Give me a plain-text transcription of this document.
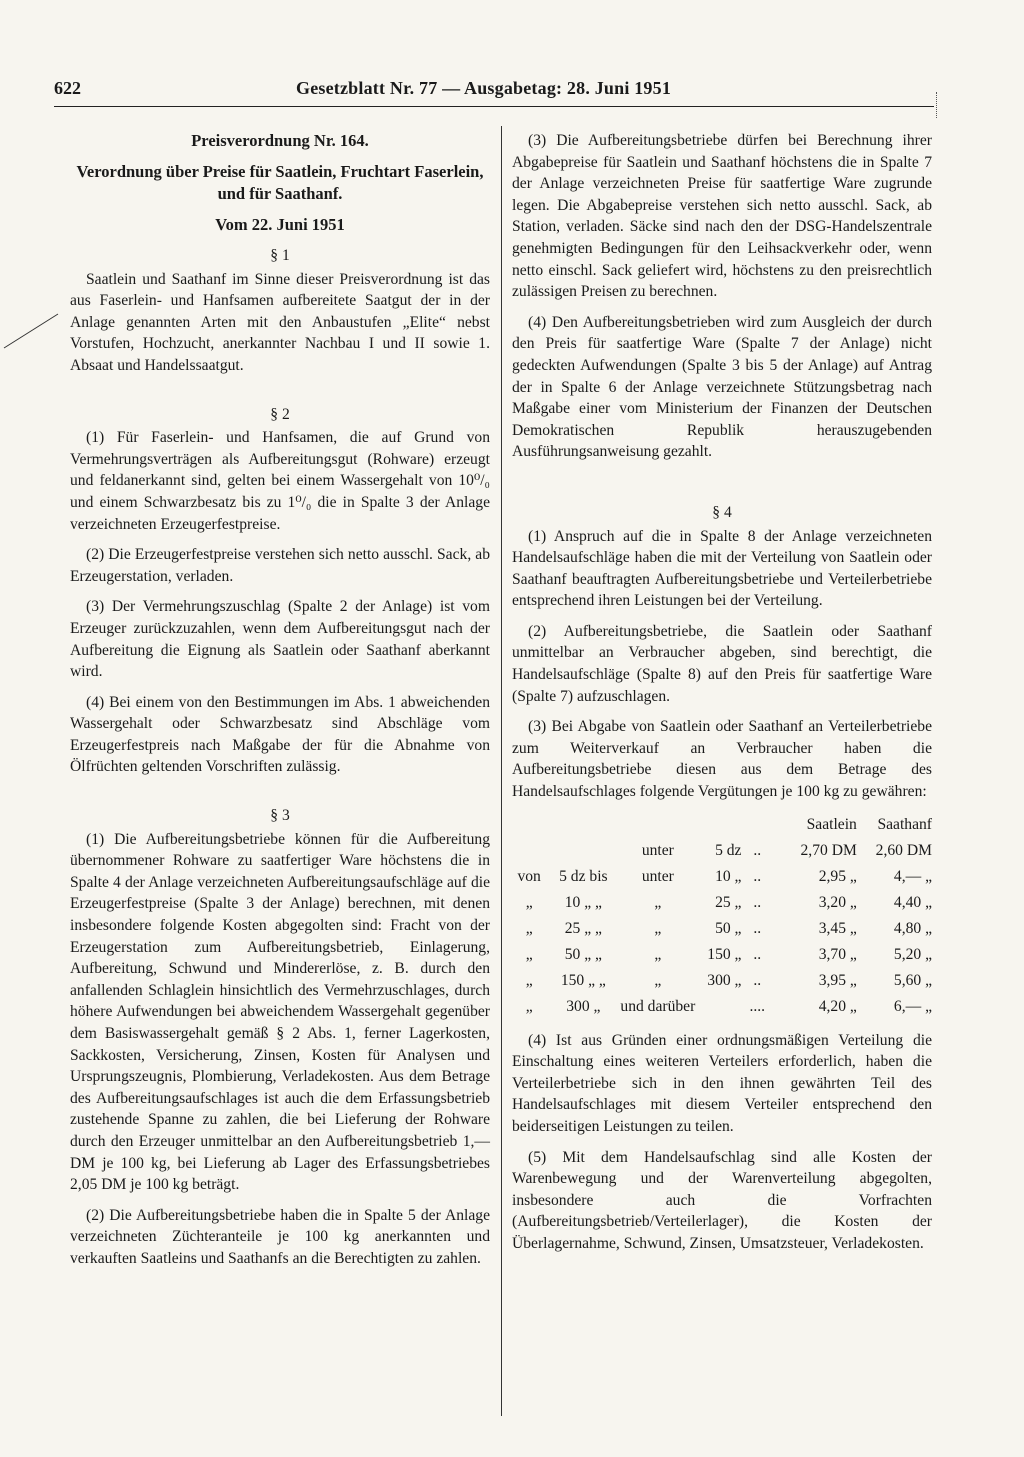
622	Gesetzblatt Nr. 77 — Ausgabetag: 28. Juni 1951

Preisverordnung Nr. 164.

Verordnung über Preise für Saatlein, Fruchtart Faserlein, und für Saathanf.

Vom 22. Juni 1951

§ 1

Saatlein und Saathanf im Sinne dieser Preisverordnung ist das aus Faserlein- und Hanfsamen aufbereitete Saatgut der in der Anlage genannten Arten mit den Anbaustufen „Elite“ nebst Vorstufen, Hochzucht, anerkannter Nachbau I und II sowie 1. Absaat und Handelssaatgut.

§ 2

(1) Für Faserlein- und Hanfsamen, die auf Grund von Vermehrungsverträgen als Aufbereitungsgut (Rohware) erzeugt und feldanerkannt sind, gelten bei einem Wassergehalt von 10⁰/₀ und einem Schwarzbesatz bis zu 1⁰/₀ die in Spalte 3 der Anlage verzeichneten Erzeugerfestpreise.

(2) Die Erzeugerfestpreise verstehen sich netto ausschl. Sack, ab Erzeugerstation, verladen.

(3) Der Vermehrungszuschlag (Spalte 2 der Anlage) ist vom Erzeuger zurückzuzahlen, wenn dem Aufbereitungsgut nach der Aufbereitung die Eignung als Saatlein oder Saathanf aberkannt wird.

(4) Bei einem von den Bestimmungen im Abs. 1 abweichenden Wassergehalt oder Schwarzbesatz sind Abschläge vom Erzeugerfestpreis nach Maßgabe der für die Abnahme von Ölfrüchten geltenden Vorschriften zulässig.

§ 3

(1) Die Aufbereitungsbetriebe können für die Aufbereitung übernommener Rohware zu saatfertiger Ware höchstens die in Spalte 4 der Anlage verzeichneten Aufbereitungsaufschläge auf die Erzeugerfestpreise (Spalte 3 der Anlage) berechnen, mit denen insbesondere folgende Kosten abgegolten sind: Fracht von der Erzeugerstation zum Aufbereitungsbetrieb, Einlagerung, Aufbereitung, Schwund und Mindererlöse, z. B. durch den anfallenden Schlaglein hinsichtlich des Vermehrzuschlages, durch höhere Aufwendungen bei abweichendem Wassergehalt gegenüber dem Basiswassergehalt gemäß § 2 Abs. 1, ferner Lagerkosten, Sackkosten, Versicherung, Zinsen, Kosten für Analysen und Ursprungszeugnis, Plombierung, Verladekosten. Aus dem Betrage des Aufbereitungsaufschlages ist auch die dem Erfassungsbetrieb zustehende Spanne zu zahlen, die bei Lieferung der Rohware durch den Erzeuger unmittelbar an den Aufbereitungsbetrieb 1,— DM je 100 kg, bei Lieferung ab Lager des Erfassungsbetriebes 2,05 DM je 100 kg beträgt.

(2) Die Aufbereitungsbetriebe haben die in Spalte 5 der Anlage verzeichneten Züchteranteile je 100 kg anerkannten und verkauften Saatleins und Saathanfs an die Berechtigten zu zahlen.

(3) Die Aufbereitungsbetriebe dürfen bei Berechnung ihrer Abgabepreise für Saatlein und Saathanf höchstens die in Spalte 7 der Anlage verzeichneten Preise für saatfertige Ware zugrunde legen. Die Abgabepreise verstehen sich netto ausschl. Sack, ab Station, verladen. Säcke sind nach den der DSG-Handelszentrale genehmigten Bedingungen für den Leihsackverkehr oder, wenn netto einschl. Sack geliefert wird, höchstens zu den preisrechtlich zulässigen Preisen zu berechnen.

(4) Den Aufbereitungsbetrieben wird zum Ausgleich der durch den Preis für saatfertige Ware (Spalte 7 der Anlage) nicht gedeckten Aufwendungen (Spalte 3 bis 5 der Anlage) auf Antrag der in Spalte 6 der Anlage verzeichnete Stützungsbetrag nach Maßgabe einer vom Ministerium der Finanzen der Deutschen Demokratischen Republik herauszugebenden Ausführungsanweisung gezahlt.

§ 4

(1) Anspruch auf die in Spalte 8 der Anlage verzeichneten Handelsaufschläge haben die mit der Verteilung von Saatlein oder Saathanf beauftragten Aufbereitungsbetriebe und Verteilerbetriebe entsprechend ihren Leistungen bei der Verteilung.

(2) Aufbereitungsbetriebe, die Saatlein oder Saathanf unmittelbar an Verbraucher abgeben, sind berechtigt, die Handelsaufschläge (Spalte 8) auf den Preis für saatfertige Ware (Spalte 7) aufzuschlagen.

(3) Bei Abgabe von Saatlein oder Saathanf an Verteilerbetriebe zum Weiterverkauf an Verbraucher haben die Aufbereitungsbetriebe diesen aus dem Betrage des Handelsaufschlages folgende Vergütungen je 100 kg zu gewähren:

						Saatlein	Saathanf
		unter	5 dz	..		2,70 DM	2,60 DM
von	5 dz bis	unter	10 „	..		2,95 „	4,— „
„	10 „ „	„	25 „	..		3,20 „	4,40 „
„	25 „ „	„	50 „	..		3,45 „	4,80 „
„	50 „ „	„	150 „	..		3,70 „	5,20 „
„	150 „ „	„	300 „	..		3,95 „	5,60 „
„	300 „	und darüber		....		4,20 „	6,— „

(4) Ist aus Gründen einer ordnungsmäßigen Verteilung die Einschaltung eines weiteren Verteilers erforderlich, haben die Verteilerbetriebe sich in den ihnen gewährten Teil des Handelsaufschlages mit diesem Verteiler entsprechend den beiderseitigen Leistungen zu teilen.

(5) Mit dem Handelsaufschlag sind alle Kosten der Warenbewegung und der Warenverteilung abgegolten, insbesondere auch die Vorfrachten (Aufbereitungsbetrieb/Verteilerlager), die Kosten der Überlagernahme, Schwund, Zinsen, Umsatzsteuer, Verladekosten.
